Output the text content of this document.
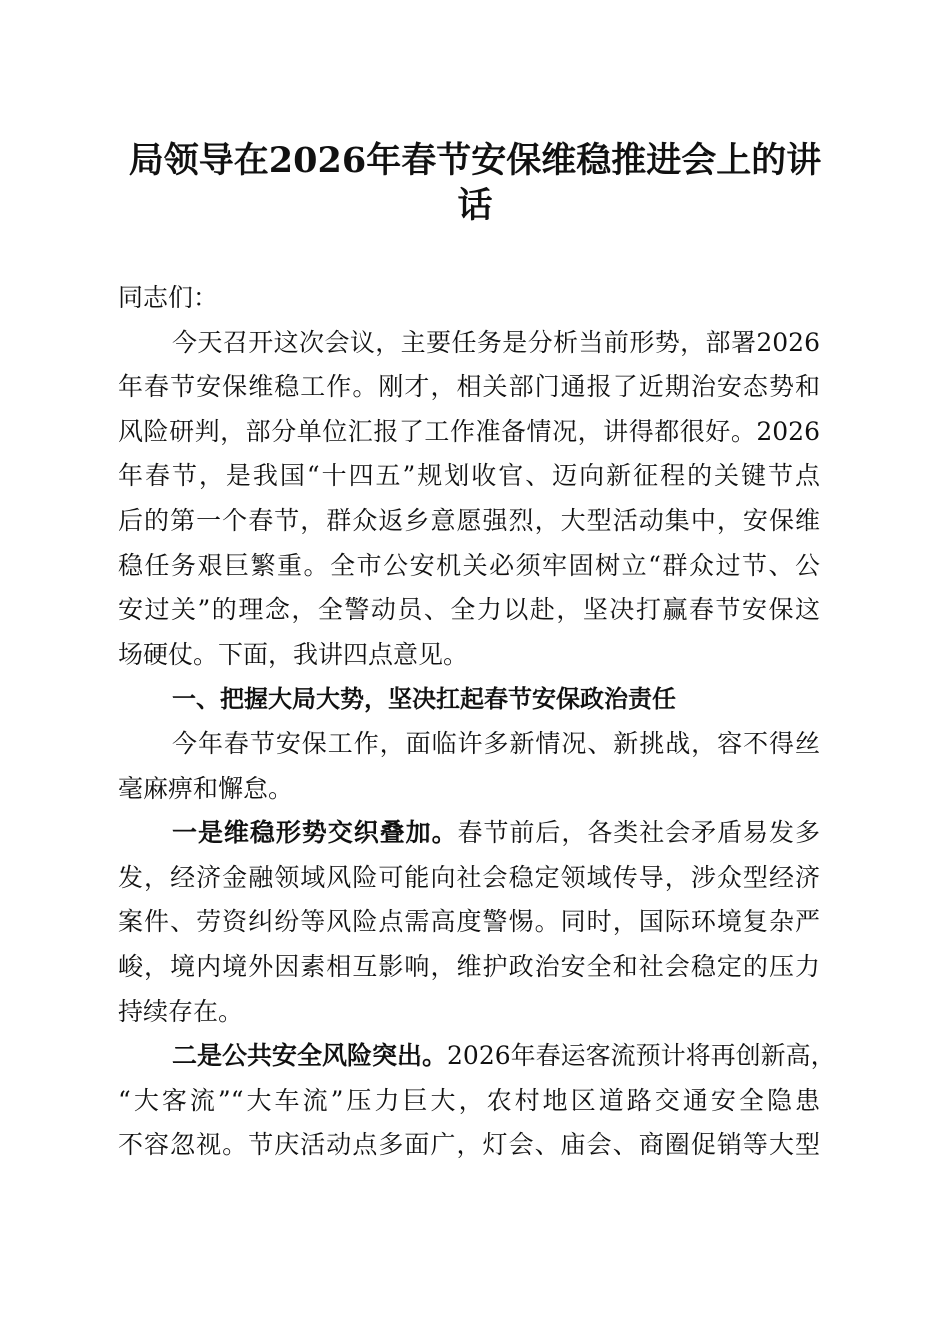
局领导在2026年春节安保维稳推进会上的讲
话
同志们：
今天召开这次会议，主要任务是分析当前形势，部署2026
年春节安保维稳工作。刚才，相关部门通报了近期治安态势和
风险研判，部分单位汇报了工作准备情况，讲得都很好。2026
年春节，是我国“十四五”规划收官、迈向新征程的关键节点
后的第一个春节，群众返乡意愿强烈，大型活动集中，安保维
稳任务艰巨繁重。全市公安机关必须牢固树立“群众过节、公
安过关”的理念，全警动员、全力以赴，坚决打赢春节安保这
场硬仗。下面，我讲四点意见。
一、把握大局大势，坚决扛起春节安保政治责任
今年春节安保工作，面临许多新情况、新挑战，容不得丝
毫麻痹和懈怠。
一是维稳形势交织叠加。春节前后，各类社会矛盾易发多
发，经济金融领域风险可能向社会稳定领域传导，涉众型经济
案件、劳资纠纷等风险点需高度警惕。同时，国际环境复杂严
峻，境内境外因素相互影响，维护政治安全和社会稳定的压力
持续存在。
二是公共安全风险突出。2026年春运客流预计将再创新高，
“大客流”“大车流”压力巨大，农村地区道路交通安全隐患
不容忽视。节庆活动点多面广，灯会、庙会、商圈促销等大型
